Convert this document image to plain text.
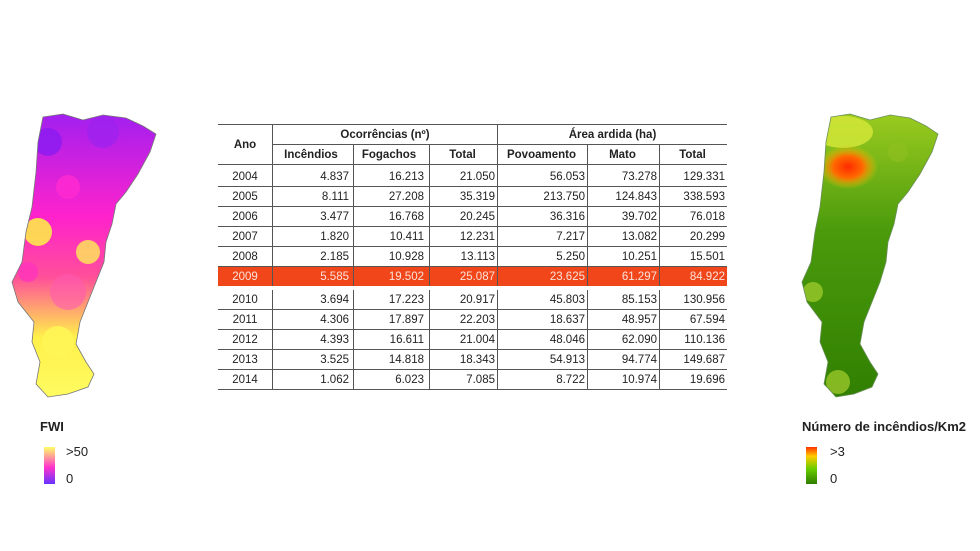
FWI
>50
0
Ano	Ocorrências (nº)			Área ardida (ha)		
	Incêndios	Fogachos	Total	Povoamento	Mato	Total
2004	4.837	16.213	21.050	56.053	73.278	129.331
2005	8.111	27.208	35.319	213.750	124.843	338.593
2006	3.477	16.768	20.245	36.316	39.702	76.018
2007	1.820	10.411	12.231	7.217	13.082	20.299
2008	2.185	10.928	13.113	5.250	10.251	15.501
2009	5.585	19.502	25.087	23.625	61.297	84.922

2010	3.694	17.223	20.917	45.803	85.153	130.956
2011	4.306	17.897	22.203	18.637	48.957	67.594
2012	4.393	16.611	21.004	48.046	62.090	110.136
2013	3.525	14.818	18.343	54.913	94.774	149.687
2014	1.062	6.023	7.085	8.722	10.974	19.696
Número de incêndios/Km2
>3
0
